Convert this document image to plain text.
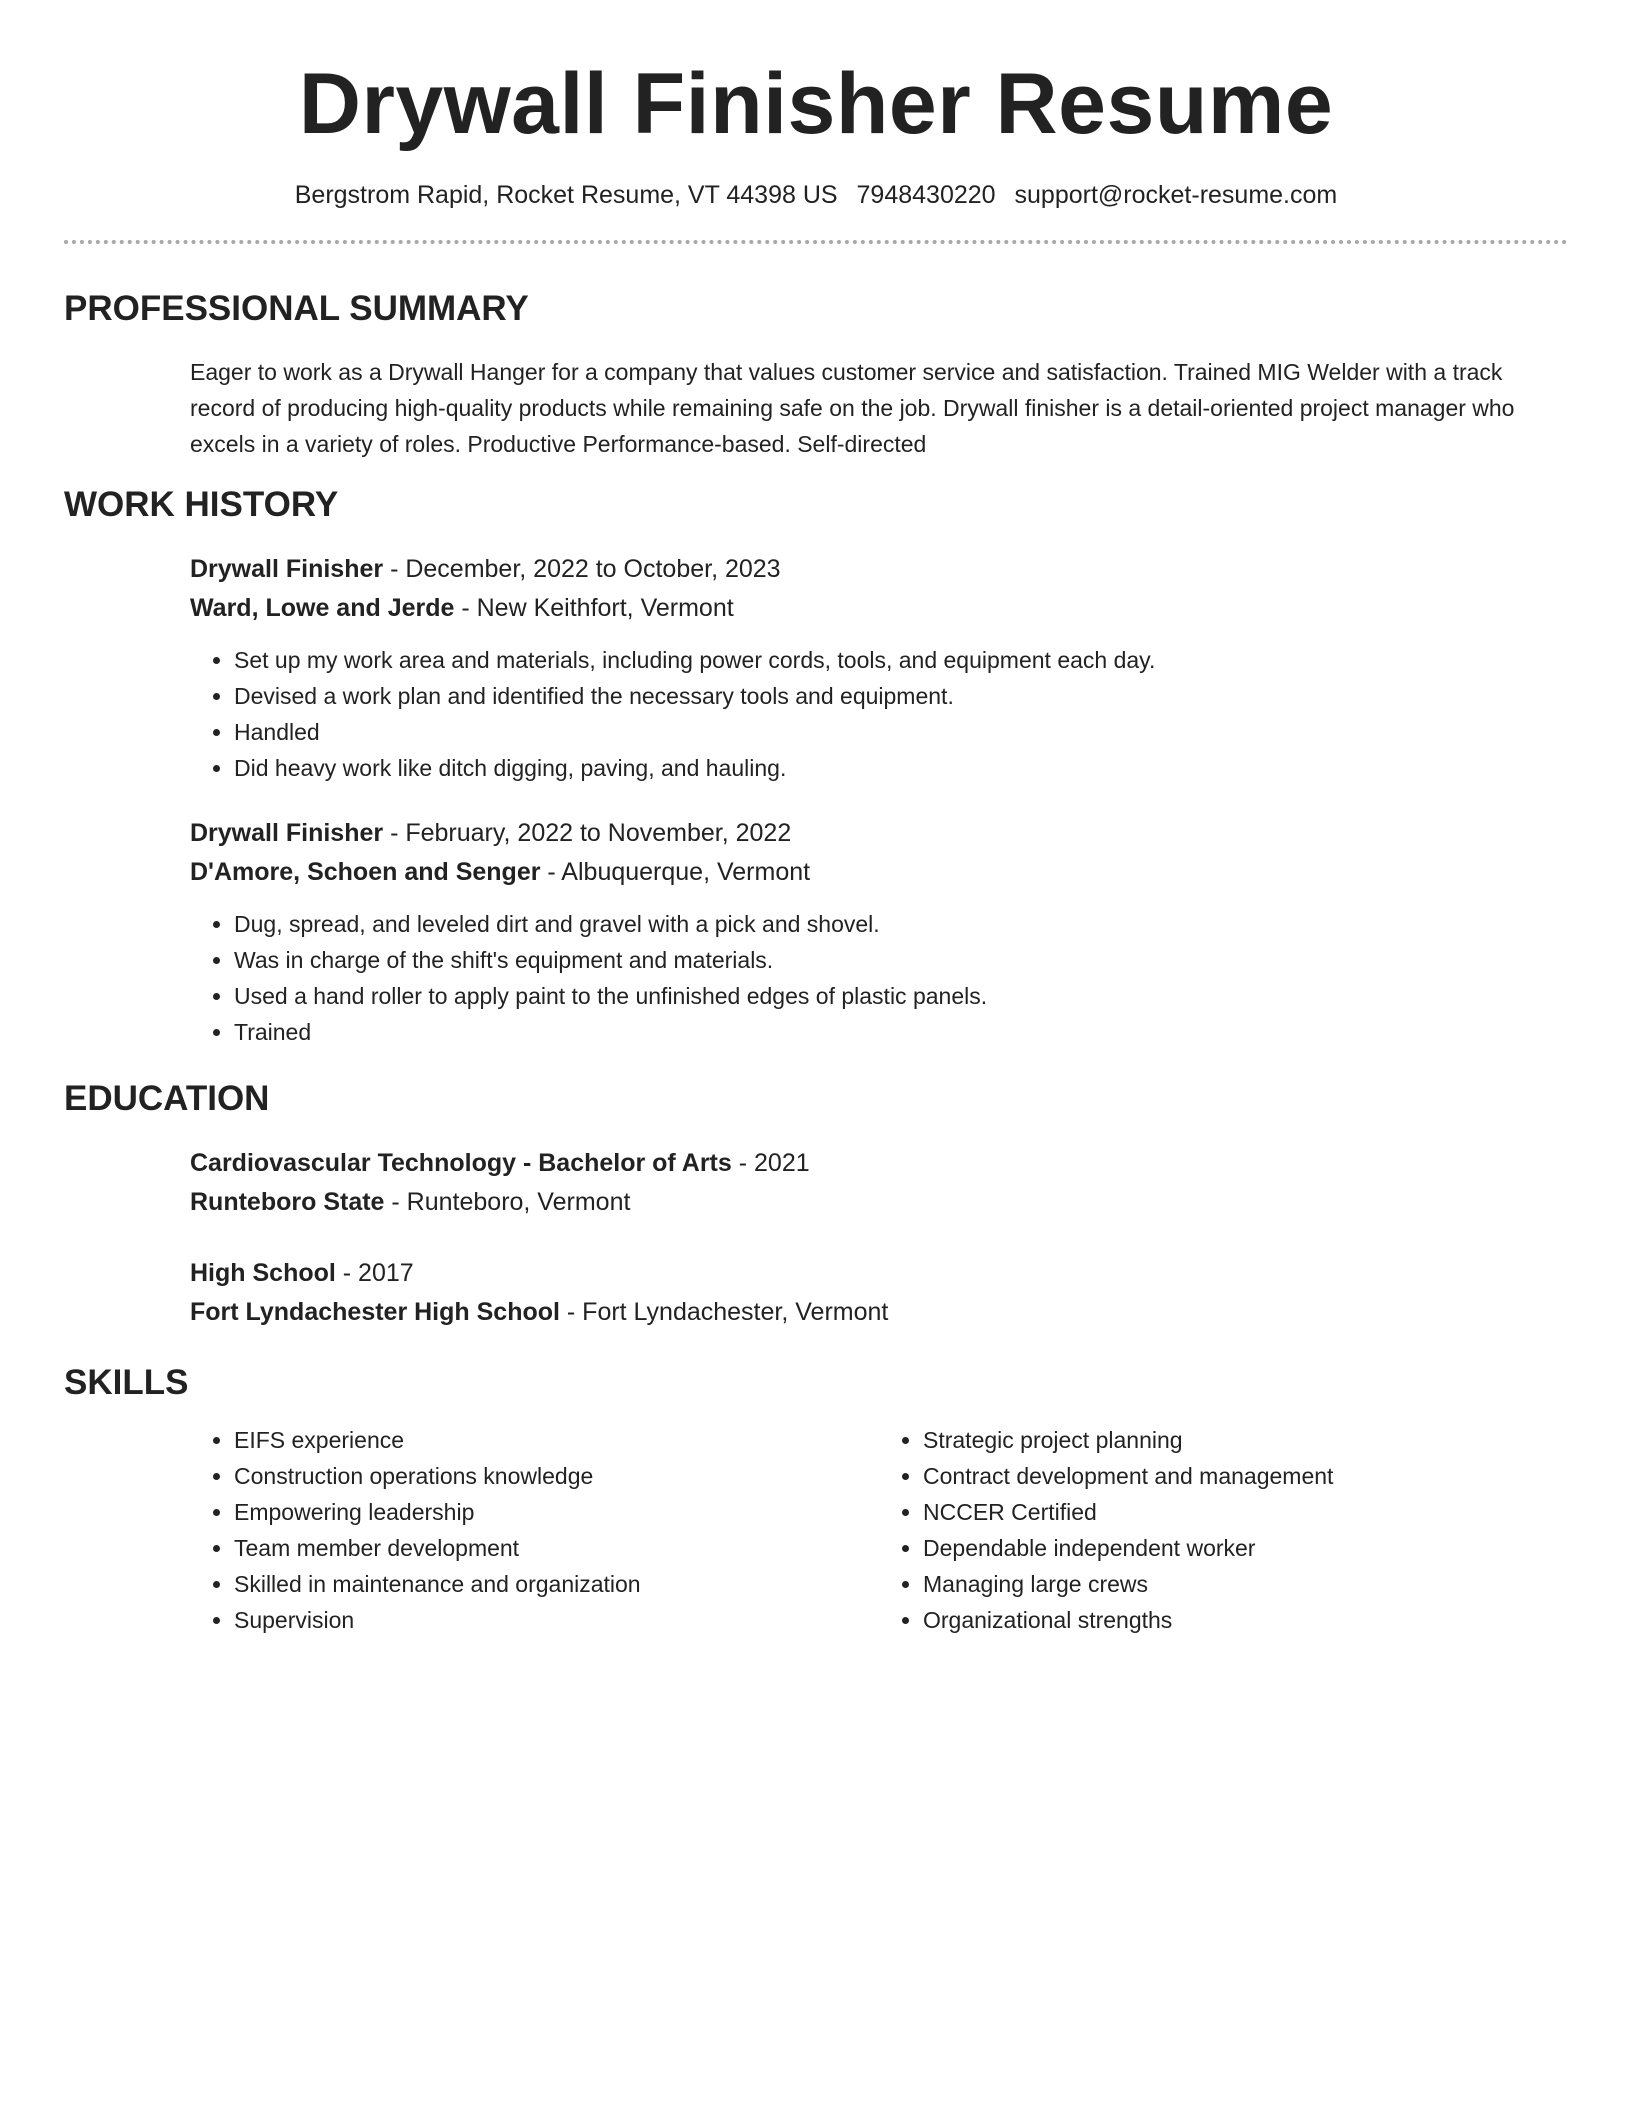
Drywall Finisher Resume
Bergstrom Rapid, Rocket Resume, VT 44398 US 7948430220 support@rocket-resume.com
PROFESSIONAL SUMMARY
Eager to work as a Drywall Hanger for a company that values customer service and satisfaction. Trained MIG Welder with a track record of producing high-quality products while remaining safe on the job. Drywall finisher is a detail-oriented project manager who excels in a variety of roles. Productive Performance-based. Self-directed
WORK HISTORY
Drywall Finisher - December, 2022 to October, 2023
Ward, Lowe and Jerde - New Keithfort, Vermont
• Set up my work area and materials, including power cords, tools, and equipment each day.
• Devised a work plan and identified the necessary tools and equipment.
• Handled
• Did heavy work like ditch digging, paving, and hauling.
Drywall Finisher - February, 2022 to November, 2022
D'Amore, Schoen and Senger - Albuquerque, Vermont
• Dug, spread, and leveled dirt and gravel with a pick and shovel.
• Was in charge of the shift's equipment and materials.
• Used a hand roller to apply paint to the unfinished edges of plastic panels.
• Trained
EDUCATION
Cardiovascular Technology - Bachelor of Arts - 2021
Runteboro State - Runteboro, Vermont
High School - 2017
Fort Lyndachester High School - Fort Lyndachester, Vermont
SKILLS
• EIFS experience
• Construction operations knowledge
• Empowering leadership
• Team member development
• Skilled in maintenance and organization
• Supervision
• Strategic project planning
• Contract development and management
• NCCER Certified
• Dependable independent worker
• Managing large crews
• Organizational strengths
